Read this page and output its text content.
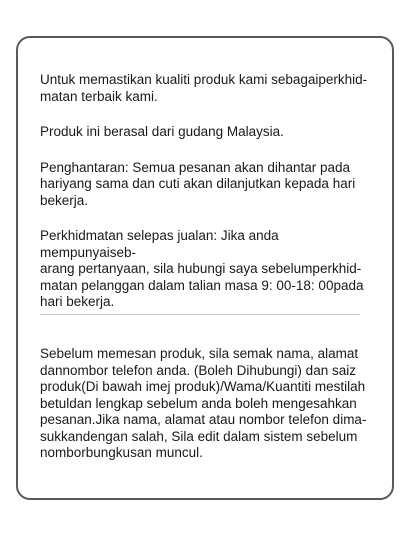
Untuk memastikan kualiti produk kami sebagaiperkhid-
matan terbaik kami.

Produk ini berasal dari gudang Malaysia.

Penghantaran: Semua pesanan akan dihantar pada
hariyang sama dan cuti akan dilanjutkan kepada hari
bekerja.

Perkhidmatan selepas jualan: Jika anda mempunyaiseb-
arang pertanyaan, sila hubungi saya sebelumperkhid-
matan pelanggan dalam talian masa 9: 00-18: 00pada
hari bekerja.

Sebelum memesan produk, sila semak nama, alamat
dannombor telefon anda. (Boleh Dihubungi) dan saiz
produk(Di bawah imej produk)/Wama/Kuantiti mestilah
betuldan lengkap sebelum anda boleh mengesahkan
pesanan.Jika nama, alamat atau nombor telefon dima-
sukkandengan salah, Sila edit dalam sistem sebelum
nomborbungkusan muncul.
